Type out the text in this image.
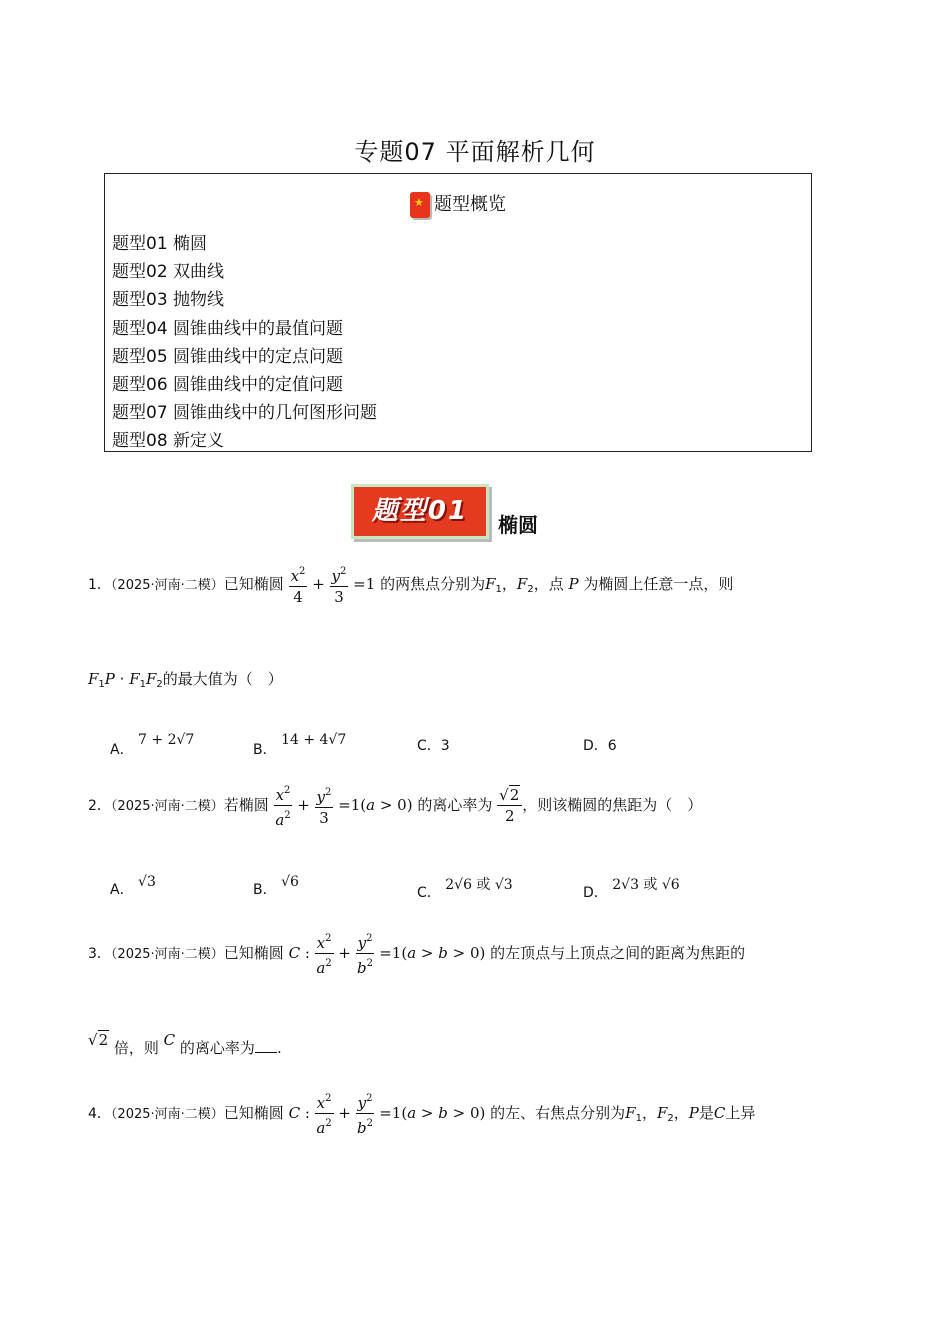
专题07 平面解析几何
★题型概览
题型01 椭圆
题型02 双曲线
题型03 抛物线
题型04 圆锥曲线中的最值问题
题型05 圆锥曲线中的定点问题
题型06 圆锥曲线中的定值问题
题型07 圆锥曲线中的几何图形问题
题型08 新定义
题型01	椭圆
1．（2025·河南·二模）已知椭圆 $\frac{x^2}{4} + \frac{y^2}{3} =1$ 的两焦点分别为$F_1$，$F_2$，点 P 为椭圆上任意一点，则
$F_1P \cdot F_1F_2$的最大值为（　）
A． 7 + 2√7
B． 14 + 4√7	C．3	D．6
2．（2025·河南·二模）若椭圆 $\frac{x^2}{a^2} + \frac{y^2}{3} =1(a > 0)$ 的离心率为 $\frac{√2}{2}$ ，则该椭圆的焦距为（　）
A． √3	B． √6
C． 2√6 或 √3	D． 2√3 或 √6
3．（2025·河南·二模）已知椭圆 C : $\frac{x^2}{a^2} + \frac{y^2}{b^2} =1(a > b > 0)$ 的左顶点与上顶点之间的距离为焦距的
√2 倍，则 C 的离心率为 .
4．（2025·河南·二模）已知椭圆 C : $\frac{x^2}{a^2} + \frac{y^2}{b^2} =1(a > b > 0)$ 的左、右焦点分别为$F_1$，$F_2$，P是C上异
